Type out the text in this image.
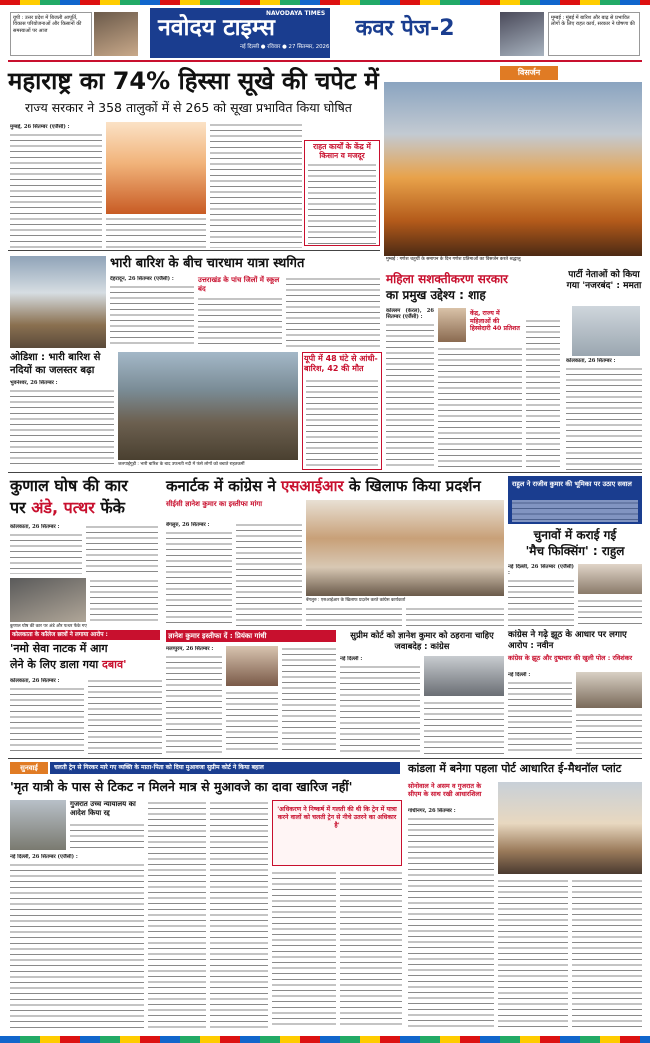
यूपी : उत्तर प्रदेश में बिजली आपूर्ति, विकास परियोजनाओं और किसानों की समस्याओं पर आज
NAVODAYA TIMES
नवोदय टाइम्स
नई दिल्ली ● रविवार ● 27 सितम्बर, 2026
कवर पेज-2	मुम्बई : मुंबई में बारिश और बाढ़ से प्रभावित लोगों के लिए राहत कार्य, सरकार ने घोषणा की
महाराष्ट्र का 74% हिस्सा सूखे की चपेट में
राज्य सरकार ने 358 तालुकों में से 265 को सूखा प्रभावित किया घोषित
मुम्बई, 26 सितम्बर (एजैंसी) :
राहत कार्यों के केंद्र में किसान व मजदूर
विसर्जन
मुम्बई : गणेश चतुर्थी के समापन के दिन गणेश प्रतिमाओं का विसर्जन करते श्रद्धालु
भारी बारिश के बीच चारधाम यात्रा स्थगित
देहरादून, 26 सितम्बर (एजैंसी) :	उत्तराखंड के पांच जिलों में स्कूल बंद
ओडिशा : भारी बारिश से नदियों का जलस्तर बढ़ा
भुवनेश्वर, 26 सितम्बर :
जलपाईगुड़ी : भारी बारिश के बाद उफनती नदी में फंसे लोगों को बचाते राहतकर्मी
यूपी में 48 घंटे से आंधी-बारिश, 42 की मौत
महिला सशक्तीकरण सरकार
का प्रमुख उद्देश्य : शाह
कोल्लम (केरल), 26 सितम्बर (एजैंसी) :
केंद्र, राज्य में महिलाओं की हिस्सेदारी 40 प्रतिशत
पार्टी नेताओं को किया गया 'नजरबंद' : ममता
कोलकाता, 26 सितम्बर :
कुणाल घोष की कार
पर अंडे, पत्थर फेंके
कोलकाता, 26 सितम्बर :
कुणाल घोष की कार पर अंडे और पत्थर फेंके गए
कनार्टक में कांग्रेस ने एसआईआर के खिलाफ किया प्रदर्शन
सीईसी ज्ञानेश कुमार का इस्तीफा मांगा
बेंगलुरु, 26 सितम्बर :
बेंगलुरु : एसआईआर के खिलाफ प्रदर्शन करते कांग्रेस कार्यकर्ता
राहुल ने राजीव कुमार की भूमिका पर उठाए सवाल
चुनावों में कराई गई
'मैच फिक्सिंग' : राहुल
नई दिल्ली, 26 सितम्बर (एजैंसी) :
कोलकाता के कॉलेज छात्रों ने लगाया आरोप :
'नमो सेवा नाटक में आग
लेने के लिए डाला गया दबाव'
कोलकाता, 26 सितम्बर :
ज्ञानेश कुमार इस्तीफा दें : प्रियंका गांधी
मलप्पुरम, 26 सितम्बर :
सुप्रीम कोर्ट को ज्ञानेश कुमार को ठहराना चाहिए जवाबदेह : कांग्रेस
नई दिल्ली :
कांग्रेस ने गढ़े झूठ के आधार पर लगाए आरोप : नवीन
कांग्रेस के झूठ और दुष्प्रचार की खुली पोल : रविशंकर
नई दिल्ली :
सुनवाई	चलती ट्रेन से गिरकर मारे गए व्यक्ति के माता-पिता को दिया मुआवजा सुप्रीम कोर्ट ने किया बहाल
'मृत यात्री के पास से टिकट न मिलने मात्र से मुआवजे का दावा खारिज नहीं'
गुजरात उच्च न्यायालय का आदेश किया रद्द
नई दिल्ली, 26 सितम्बर (एजैंसी) :
'अधिकरण ने निष्कर्ष में गलती की थी कि ट्रेन में यात्रा करने वालों को चलती ट्रेन से नीचे उतरने का अधिकार है'
कांडला में बनेगा पहला पोर्ट आधारित ई-मैथनॉल प्लांट
सोनोवाल ने असम व गुजरात के सीएम के साथ रखी आधारशिला
गांधीनगर, 26 सितम्बर :
